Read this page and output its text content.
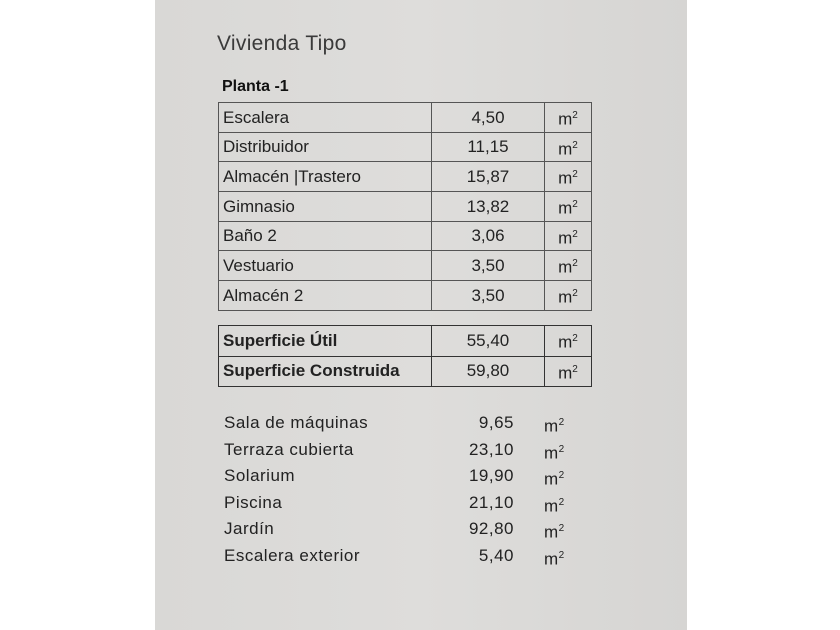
Vivienda Tipo
Planta -1
Escalera	4,50	$m^2$
Distribuidor	11,15	$m^2$
Almacén |Trastero	15,87	$m^2$
Gimnasio	13,82	$m^2$
Baño 2	3,06	$m^2$
Vestuario	3,50	$m^2$
Almacén 2	3,50	$m^2$
Superficie Útil	55,40	$m^2$
Superficie Construida	59,80	$m^2$
Sala de máquinas	9,65 $m^2$
Terraza cubierta	23,10 $m^2$
Solarium	19,90 $m^2$
Piscina	21,10 $m^2$
Jardín	92,80 $m^2$
Escalera exterior	5,40 $m^2$
